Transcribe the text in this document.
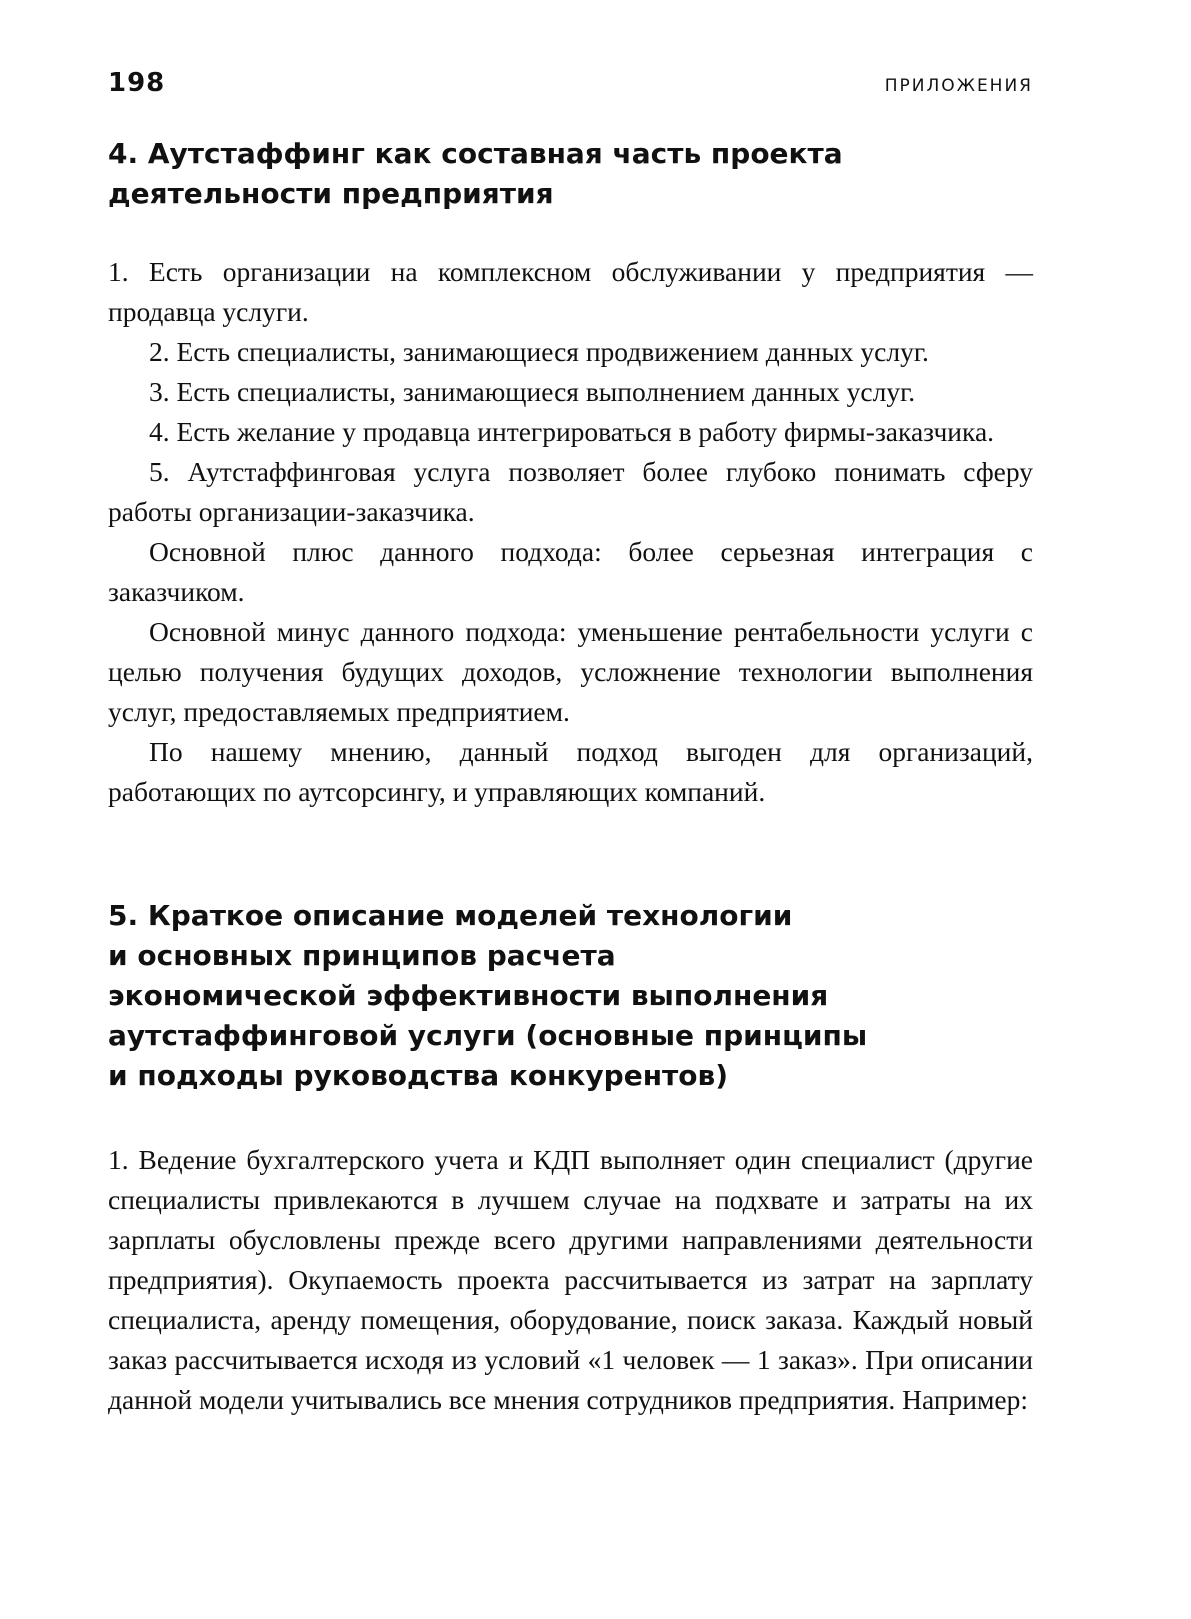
198	ПРИЛОЖЕНИЯ
4. Аутстаффинг как составная часть проекта
деятельности предприятия

1. Есть организации на комплексном обслуживании у предприятия — продавца услуги.

2. Есть специалисты, занимающиеся продвижением данных услуг.

3. Есть специалисты, занимающиеся выполнением данных услуг.

4. Есть желание у продавца интегрироваться в работу фирмы-заказчика.

5. Аутстаффинговая услуга позволяет более глубоко понимать сферу работы организации-заказчика.

Основной плюс данного подхода: более серьезная интеграция с заказчиком.

Основной минус данного подхода: уменьшение рентабельности услуги с целью получения будущих доходов, усложнение технологии выполнения услуг, предоставляемых предприятием.

По нашему мнению, данный подход выгоден для организаций, работающих по аутсорсингу, и управляющих компаний.

5. Краткое описание моделей технологии
и основных принципов расчета
экономической эффективности выполнения
аутстаффинговой услуги (основные принципы
и подходы руководства конкурентов)

1. Ведение бухгалтерского учета и КДП выполняет один специалист (другие специалисты привлекаются в лучшем случае на подхвате и затраты на их зарплаты обусловлены прежде всего другими направлениями деятельности предприятия). Окупаемость проекта рассчитывается из затрат на зарплату специалиста, аренду помещения, оборудование, поиск заказа. Каждый новый заказ рассчитывается исходя из условий «1 человек — 1 заказ». При описании данной модели учитывались все мнения сотрудников предприятия. Например:
